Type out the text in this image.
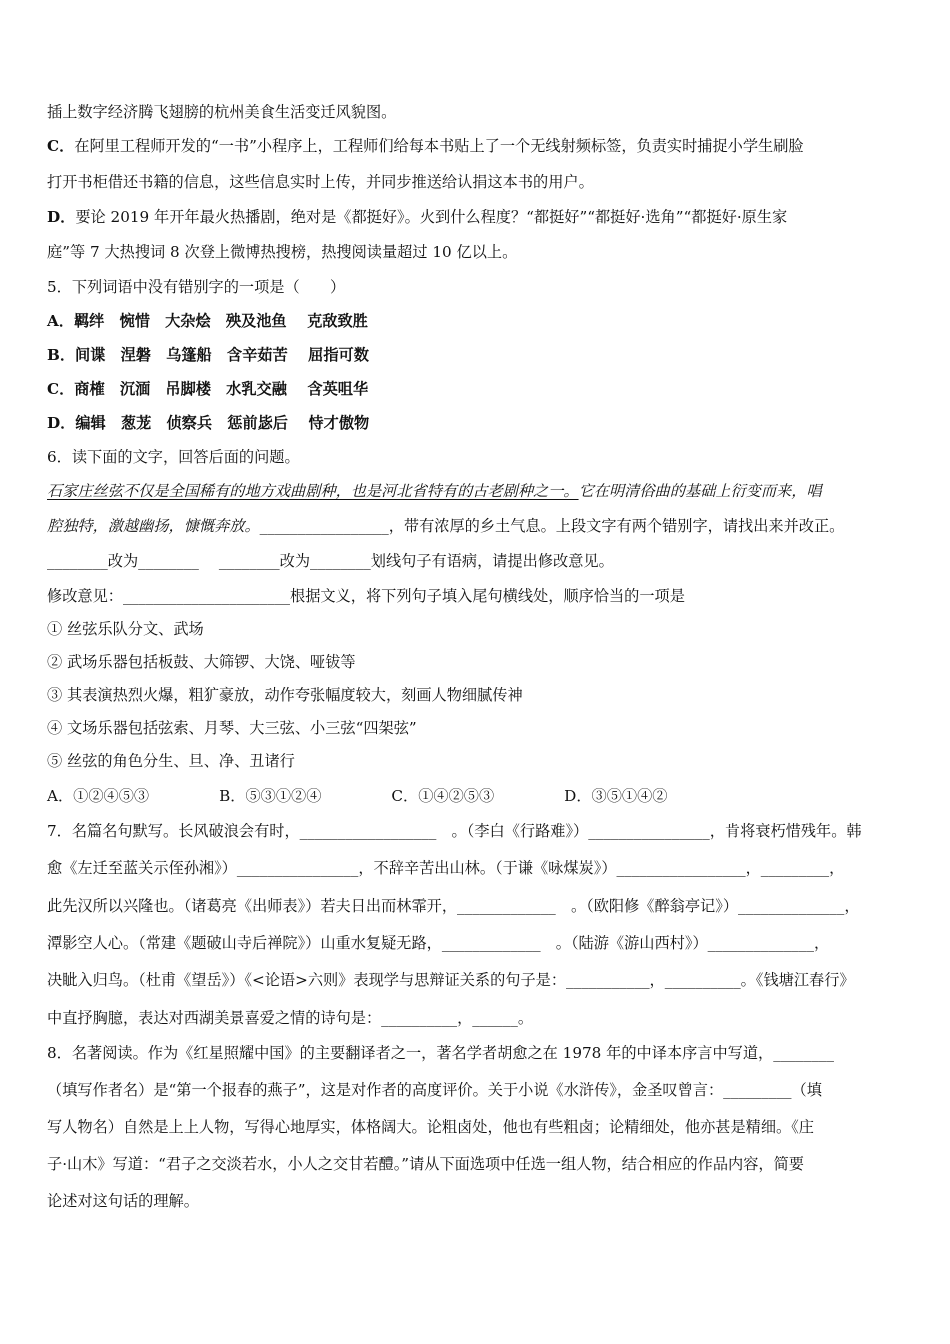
插上数字经济腾飞翅膀的杭州美食生活变迁风貌图。
C．在阿里工程师开发的“一书”小程序上，工程师们给每本书贴上了一个无线射频标签，负责实时捕捉小学生刷脸
打开书柜借还书籍的信息，这些信息实时上传，并同步推送给认捐这本书的用户。
D．要论 2019 年开年最火热播剧，绝对是《都挺好》。火到什么程度？“都挺好”“都挺好·选角”“都挺好·原生家
庭”等 7 大热搜词 8 次登上微博热搜榜，热搜阅读量超过 10 亿以上。
5．下列词语中没有错别字的一项是（　　）
A．羁绊　惋惜　大杂烩　殃及池鱼　 克敌致胜
B．间谍　涅磐　乌篷船　含辛茹苦　 屈指可数
C．商榷　沉湎　吊脚楼　水乳交融　 含英咀华
D．编辑　葱茏　侦察兵　惩前毖后　 恃才傲物
6．读下面的文字，回答后面的问题。
石家庄丝弦不仅是全国稀有的地方戏曲剧种，也是河北省特有的古老剧种之一。它在明清俗曲的基础上衍变而来，唱
腔独特，激越幽扬，慷慨奔放。_________________，带有浓厚的乡土气息。上段文字有两个错别字，请找出来并改正。
________改为________　 ________改为________划线句子有语病，请提出修改意见。
修改意见：______________________根据文义，将下列句子填入尾句横线处，顺序恰当的一项是
① 丝弦乐队分文、武场
② 武场乐器包括板鼓、大筛锣、大饶、哑钹等
③ 其表演热烈火爆，粗犷豪放，动作夸张幅度较大，刻画人物细腻传神
④ 文场乐器包括弦索、月琴、大三弦、小三弦“四架弦”
⑤ 丝弦的角色分生、旦、净、丑诸行
A．①②④⑤③	B．⑤③①②④	C．①④②⑤③	D．③⑤①④②
7．名篇名句默写。长风破浪会有时，__________________　。（李白《行路难》）________________，肯将衰朽惜残年。韩
愈《左迁至蓝关示侄孙湘》）________________，不辞辛苦出山林。（于谦《咏煤炭》）_________________，_________，
此先汉所以兴隆也。（诸葛亮《出师表》）若夫日出而林霏开，_____________　。（欧阳修《醉翁亭记》）______________，
潭影空人心。（常建《题破山寺后禅院》）山重水复疑无路，_____________　。（陆游《游山西村》）______________，
决眦入归鸟。（杜甫《望岳》）《<论语>六则》表现学与思辩证关系的句子是：___________，__________。《钱塘江春行》
中直抒胸臆，表达对西湖美景喜爱之情的诗句是：__________，______。
8．名著阅读。作为《红星照耀中国》的主要翻译者之一，著名学者胡愈之在 1978 年的中译本序言中写道，________
（填写作者名）是“第一个报春的燕子”，这是对作者的高度评价。关于小说《水浒传》，金圣叹曾言：_________（填
写人物名）自然是上上人物，写得心地厚实，体格阔大。论粗卤处，他也有些粗卤；论精细处，他亦甚是精细。《庄
子·山木》写道：“君子之交淡若水，小人之交甘若醴。”请从下面选项中任选一组人物，结合相应的作品内容，简要
论述对这句话的理解。
